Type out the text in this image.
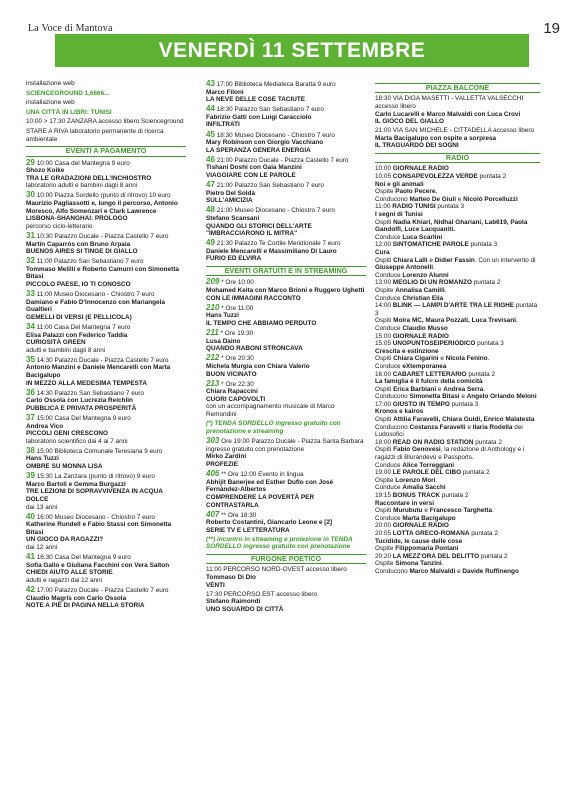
La Voce di Mantova	19
VENERDÌ 11 SETTEMBRE
installazione web
SCIENCEGROUND 1,6666...
installazione web
UNA CITTÀ IN LIBRI: TUNISI
10:00 > 17:30 ZANZARA accesso libero Scienceground
STARE A RIVA laboratorio permanente di ricerca ambientale
EVENTI A PAGAMENTO
29 10:00 Casa del Mantegna 9 euro
Shozo Koike
TRA LE GRADAZIONI DELL'INCHIOSTRO
laboratorio adulti e bambini dagli 8 anni
30 10:00 Piazza Sordello (punto di ritrovo) 10 euro
Maurizio Pagliassotti e, lungo il percorso, Antonio Moresco, Alfo Somenzari e Clark Lawrence
LISBONA-SHANGHAI: PROLOGO
percorso ciclo-letterario
31 10:30 Palazzo Ducale - Piazza Castello 7 euro
Martín Caparrós con Bruno Arpaia
BUENOS AIRES SI TINGE DI GIALLO
32 11:00 Palazzo San Sebastiano 7 euro
Tommaso Melilli e Roberto Camurri con Simonetta Bitasi
PICCOLO PAESE, IO TI CONOSCO
33 11:00 Museo Diocesano - Chiostro 7 euro
Damiano e Fabio D'Innocenzo con Mariangela Gualtieri
GEMELLI DI VERSI (E PELLICOLA)
34 11:00 Casa Del Mantegna 7 euro
Elisa Palazzi con Federico Taddia
CURIOSITÀ GREEN
adulti e bambini dagli 8 anni
35 14:30 Palazzo Ducale - Piazza Castello 7 euro
Antonio Manzini e Daniele Mencarelli con Marta Bacigalupo
IN MEZZO ALLA MEDESIMA TEMPESTA
36 14:30 Palazzo San Sebastiano 7 euro
Carlo Ossola con Lucrezia Reichlin
PUBBLICA E PRIVATA PROSPERITÀ
37 15:00 Casa Del Mantegna 9 euro
Andrea Vico
PICCOLI GENI CRESCONO
laboratorio scientifico dai 4 ai 7 anni
38 15:00 Biblioteca Comunale Teresiana 9 euro
Hans Tuzzi
OMBRE SU MONNA LISA
39 15:30 La Zanzara (punto di ritrovo) 9 euro
Marco Bartoli e Gemma Burgazzi
TRE LEZIONI DI SOPRAVVIVENZA IN ACQUA DOLCE
dai 13 anni
40 16:00 Museo Diocesano - Chiostro 7 euro
Katherine Rundell e Fabio Stassi con Simonetta Bitasi
UN GIOCO DA RAGAZZI?
dai 12 anni
41 16:30 Casa Del Mantegna 9 euro
Sofia Gallo e Giuliana Facchini con Vera Salton
CHIEDI AIUTO ALLE STORIE
adulti e ragazzi dai 12 anni
42 17:00 Palazzo Ducale - Piazza Castello 7 euro
Claudio Magris con Carlo Ossola
NOTE A PIÈ DI PAGINA NELLA STORIA
43 17:00 Biblioteca Mediateca Baratta 9 euro
Marco Filoni
LA NEVE DELLE COSE TACIUTE
44 18:30 Palazzo San Sebastiano 7 euro
Fabrizio Gatti con Luigi Caracciolo
INFILTRATI
45 18:30 Museo Diocesano - Chiostro 7 euro
Mary Robinson con Giorgio Vacchiano
LA SPERANZA GENERA ENERGIA
46 21:00 Palazzo Ducale - Piazza Castello 7 euro
Tishani Doshi con Gaia Manzini
VIAGGIARE CON LE PAROLE
47 21:00 Palazzo San Sebastiano 7 euro
Pietro Del Soldà
SULL'AMICIZIA
48 21:00 Museo Diocesano - Chiostro 7 euro
Stefano Scansani
QUANDO GLI STORICI DELL'ARTE "IMBRACCIARONO IL MITRA"
49 21:30 Palazzo Te Cortile Meridionale 7 euro
Daniele Mencarelli e Massimiliano Di Lauro
FURIO ED ELVIRA
EVENTI GRATUITI E IN STREAMING
209 * Ore 10:00
Mohamed Keita con Marco Brioni e Ruggero Ughetti
CON LE IMMAGINI RACCONTO
210 * Ore 11:00
Hans Tuzzi
IL TEMPO CHE ABBIAMO PERDUTO
211 * Ore 19:30
Lusa Daino
QUANDO RABONI STRONCAVA
212 * Ore 20:30
Michela Murgia con Chiara Valerio
BUON VICINATO
213 * Ore 22:30
Chiara Rapaccini
CUORI CAPOVOLTI
con un accompagnamento musicale di Marco Remondini
(*) TENDA SORDELLO ingresso gratuito con prenotazione e streaming
303 Ore 19:00 Palazzo Ducale - Piazza Santa Barbara ingresso gratuito con prenotazione
Mirko Zardini
PROFEZIE
406 ** Ore 12:00 Evento in lingua
Abhijit Banerjee ed Esther Duflo con José Fernández-Albertos
COMPRENDERE LA POVERTÀ PER CONTRASTARLA
407 ** Ore 18:30
Roberto Costantini, Giancarlo Leone e [2]
SERIE TV E LETTERATURA
(**) incontro in streaming e proiezione in TENDA SORDELLO ingresso gratuito con prenotazione
FURGONE POETICO
11:00 PERCORSO NORD-OVEST accesso libero
Tommaso Di Dio
VÈNTI
17:30 PERCORSO EST accesso libero
Stefano Raimondi
UNO SGUARDO DI CITTÀ
PIAZZA BALCONE
18:30 VIA DIGA MASETTI - VALLETTA VALSECCHI accesso libero
Carlo Lucarelli e Marco Malvaldi con Luca Crovi
IL GIOCO DEL GIALLO
21:00 VIA SAN MICHELE - CITTADELLA accesso libero
Marta Bacigalupo con ospite a sorpresa
IL TRAGUARDO DEI SOGNI
RADIO
10:00 GIORNALE RADIO
10:05 CONSAPEVOLEZZA VERDE puntata 2
Noi e gli animali
Ospite Paolo Pecere.
Conducono Matteo De Giuli e Nicolò Porcelluzzi
11:00 RADIO TUNISI puntata 3
I segni di Tunisi
Ospiti Nadia Khiari, Nidhal Ghariani, Lab619, Paola Gandolfi, Luce Lacquaniti.
Conduce Luca Scarlini
12:00 SINTOMATICHE PAROLE puntata 3
Cura
Ospiti Chiara Lalli e Didier Fassin. Con un intervento di Giuseppe Antonelli.
Conduce Lorenzo Alunni
13:00 MEGLIO DI UN ROMANZO puntata 2
Ospite Annalisa Camilli.
Conduce Christian Elia
14:00 BLINK — LAMPI D'ARTE TRA LE RIGHE puntata 3
Ospiti Moira MC, Maura Pozzati, Luca Trevisani.
Conduce Claudio Musso
15:00 GIORNALE RADIO
15:05 UNOPUNTOSEIPERIODICO puntata 3
Crescita e estinzione
Ospiti Chiara Cigarini e Nicola Fenino.
Conduce eXtemporanea
16:00 CABARET LETTERARIO puntata 2
La famiglia è il fulcro della comicità
Ospiti Erica Barbiani e Andrea Serra.
Conducono Simonetta Bitasi e Angelo Orlando Meloni
17:00 GIUSTO IN TEMPO puntata 3
Kronos e kairos
Ospiti Attilia Faravelli, Chiara Guidi, Enrico Malatesta
Conducono Costanza Faravelli e Ilaria Rodella dei Ludosofici
18:00 READ ON RADIO STATION puntata 2
Ospiti Fabio Genovesi, la redazione di Anthology e i ragazzi di Blurandevù e Passports.
Conduce Alice Torreggiani
19:00 LE PAROLE DEL CIBO puntata 2
Ospite Lorenzo Mori.
Conduce Amalia Sacchi
19:15 BONUS TRACK puntata 2
Raccontare in versi
Ospiti Murubutu e Francesco Targhetta.
Conduce Marta Bacigalupo
20:00 GIORNALE RADIO
20:05 LOTTA GRECO-ROMANA puntata 2
Tucidide, le cause delle cose
Ospite Filippomaria Pontani
20:20 LA MEZZ'ORA DEL DELITTO puntata 2
Ospite Simona Tanzini.
Conducono Marco Malvaldi e Davide Ruffinengo
